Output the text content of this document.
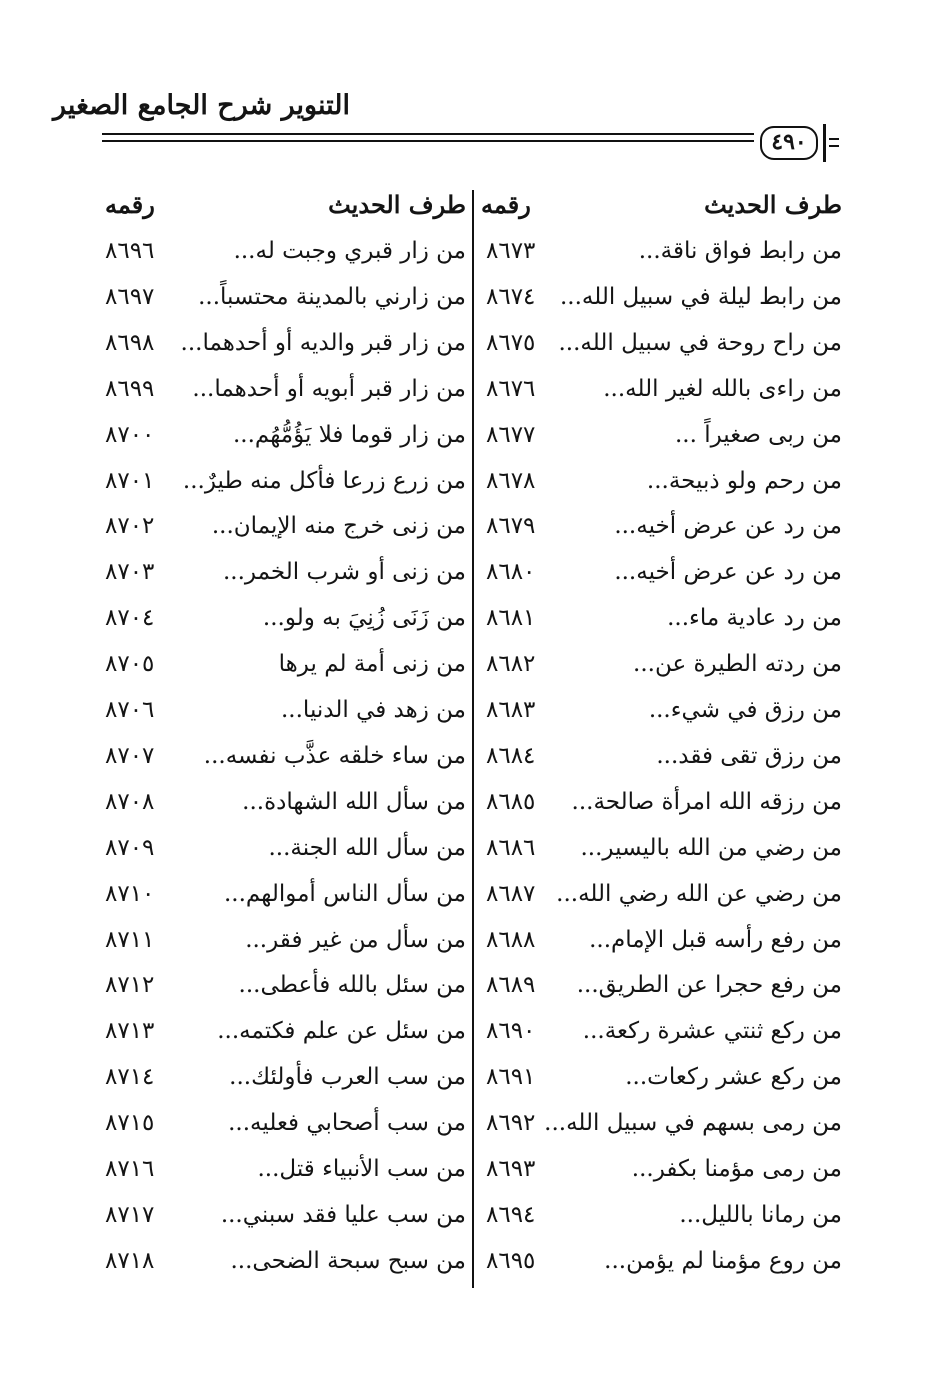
التنوير شرح الجامع الصغير
٤٩٠
طرف الحديث
رقمه
طرف الحديث
رقمه
من رابط فواق ناقة...
٨٦٧٣
من زار قبري وجبت له...
٨٦٩٦
من رابط ليلة في سبيل الله...
٨٦٧٤
من زارني بالمدينة محتسباً...
٨٦٩٧
من راح روحة في سبيل الله...
٨٦٧٥
من زار قبر والديه أو أحدهما...
٨٦٩٨
من راءى بالله لغير الله...
٨٦٧٦
من زار قبر أبويه أو أحدهما...
٨٦٩٩
من ربى صغيراً ...
٨٦٧٧
من زار قوما فلا يَؤُمُّهُم...
٨٧٠٠
من رحم ولو ذبيحة...
٨٦٧٨
من زرع زرعا فأكل منه طيرٌ...
٨٧٠١
من رد عن عرض أخيه...
٨٦٧٩
من زنى خرج منه الإيمان...
٨٧٠٢
من رد عن عرض أخيه...
٨٦٨٠
من زنى أو شرب الخمر...
٨٧٠٣
من رد عادية ماء...
٨٦٨١
من زَنَى زُنِيَ به ولو...
٨٧٠٤
من ردته الطيرة عن...
٨٦٨٢
من زنى أمة لم يرها
٨٧٠٥
من رزق في شيء...
٨٦٨٣
من زهد في الدنيا...
٨٧٠٦
من رزق تقى فقد...
٨٦٨٤
من ساء خلقه عذَّب نفسه...
٨٧٠٧
من رزقه الله امرأة صالحة...
٨٦٨٥
من سأل الله الشهادة...
٨٧٠٨
من رضي من الله باليسير...
٨٦٨٦
من سأل الله الجنة...
٨٧٠٩
من رضي عن الله رضي الله...
٨٦٨٧
من سأل الناس أموالهم...
٨٧١٠
من رفع رأسه قبل الإمام...
٨٦٨٨
من سأل من غير فقر...
٨٧١١
من رفع حجرا عن الطريق...
٨٦٨٩
من سئل بالله فأعطى...
٨٧١٢
من ركع ثنتي عشرة ركعة...
٨٦٩٠
من سئل عن علم فكتمه...
٨٧١٣
من ركع عشر ركعات...
٨٦٩١
من سب العرب فأولئك...
٨٧١٤
من رمى بسهم في سبيل الله...
٨٦٩٢
من سب أصحابي فعليه...
٨٧١٥
من رمى مؤمنا بكفر...
٨٦٩٣
من سب الأنبياء قتل...
٨٧١٦
من رمانا بالليل...
٨٦٩٤
من سب عليا فقد سبني...
٨٧١٧
من روع مؤمنا لم يؤمن...
٨٦٩٥
من سبح سبحة الضحى...
٨٧١٨
